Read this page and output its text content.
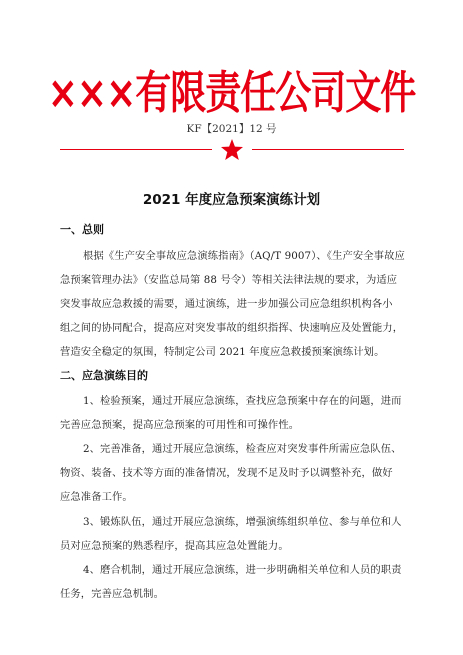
×××有限责任公司文件
KF【2021】12 号
2021 年度应急预案演练计划
一、总则
根据《生产安全事故应急演练指南》（AQ/T 9007）、《生产安全事故应
急预案管理办法》（安监总局第 88 号令）等相关法律法规的要求，为适应
突发事故应急救援的需要，通过演练，进一步加强公司应急组织机构各小
组之间的协同配合，提高应对突发事故的组织指挥、快速响应及处置能力，
营造安全稳定的氛围，特制定公司 2021 年度应急救援预案演练计划。
二、应急演练目的
1、检验预案，通过开展应急演练，查找应急预案中存在的问题，进而
完善应急预案，提高应急预案的可用性和可操作性。
2、完善准备，通过开展应急演练，检查应对突发事件所需应急队伍、
物资、装备、技术等方面的准备情况，发现不足及时予以调整补充，做好
应急准备工作。
3、锻炼队伍，通过开展应急演练，增强演练组织单位、参与单位和人
员对应急预案的熟悉程序，提高其应急处置能力。
4、磨合机制，通过开展应急演练，进一步明确相关单位和人员的职责
任务，完善应急机制。
